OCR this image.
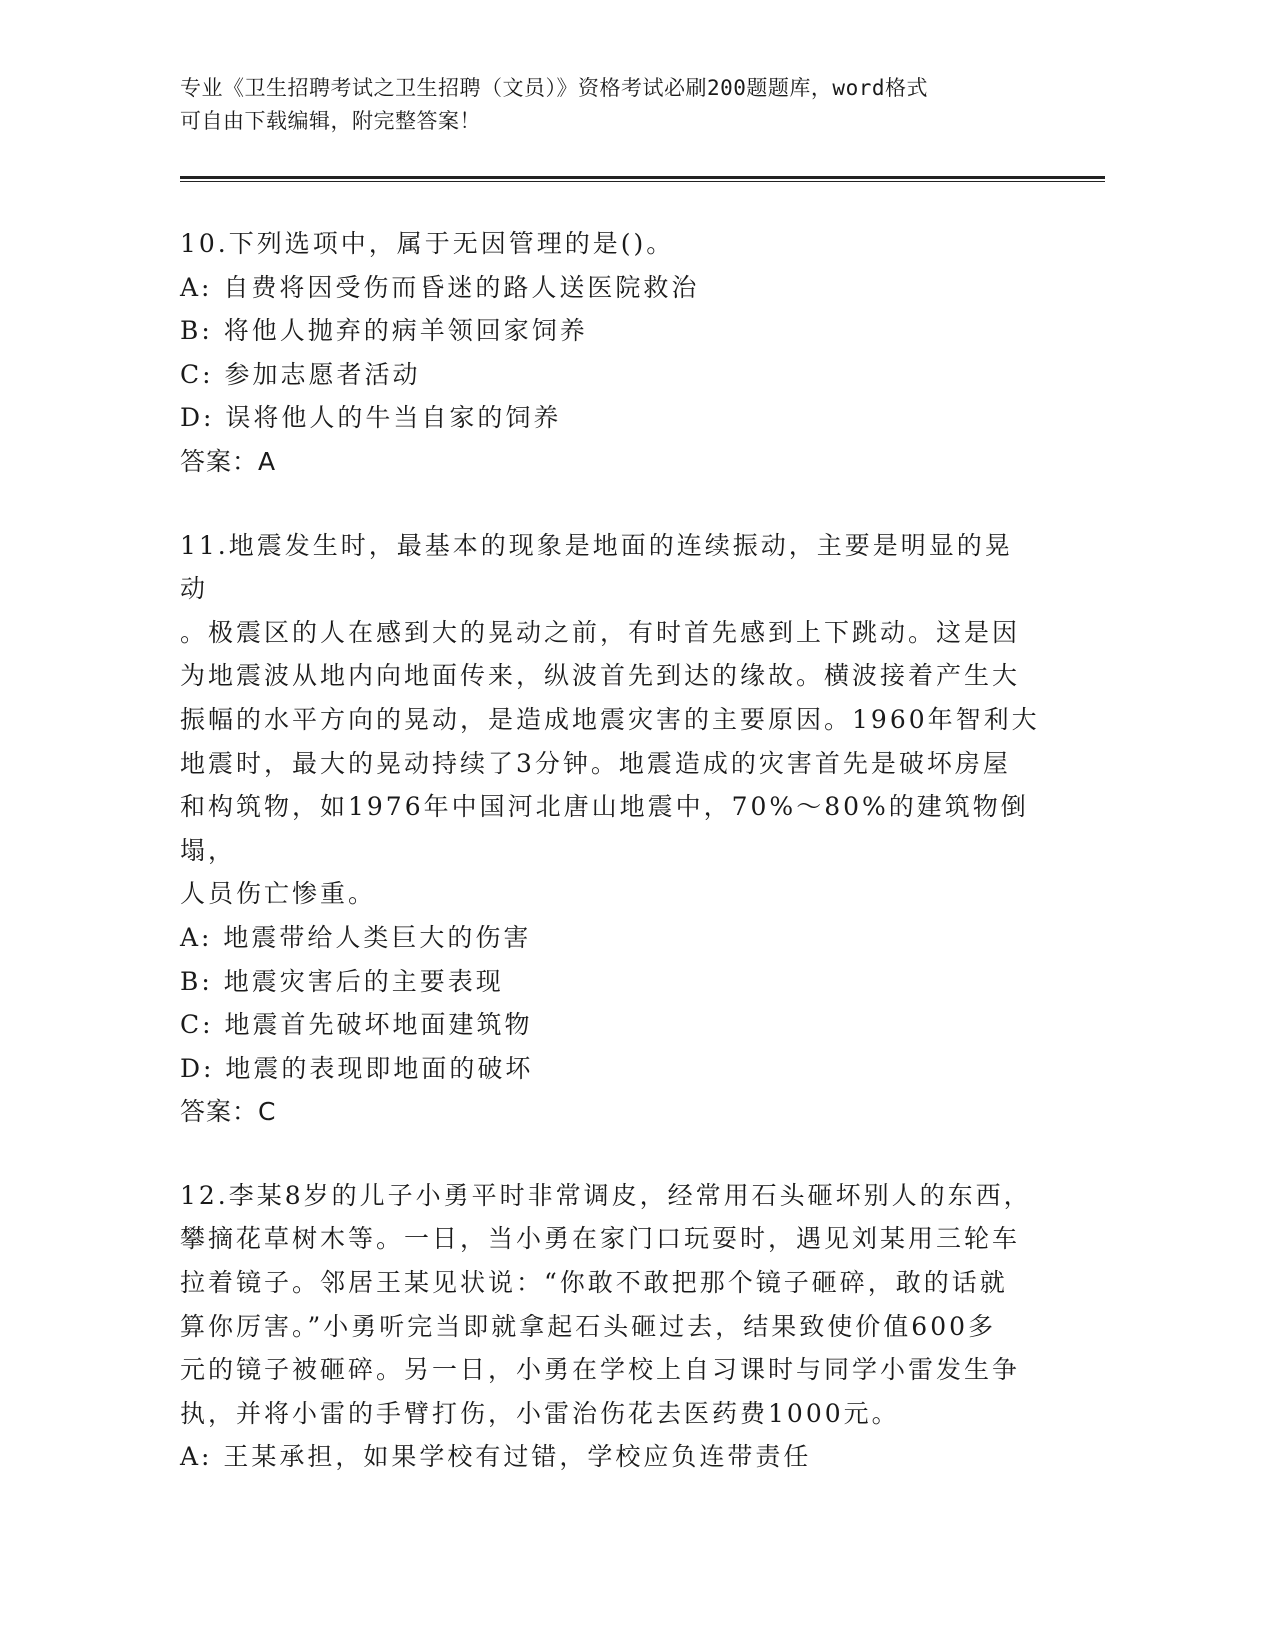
专业《卫生招聘考试之卫生招聘（文员）》资格考试必刷200题题库，word格式
可自由下载编辑，附完整答案！
10.下列选项中，属于无因管理的是()。
A: 自费将因受伤而昏迷的路人送医院救治
B: 将他人抛弃的病羊领回家饲养
C: 参加志愿者活动
D: 误将他人的牛当自家的饲养
答案：A
11.地震发生时，最基本的现象是地面的连续振动，主要是明显的晃动
。极震区的人在感到大的晃动之前，有时首先感到上下跳动。这是因
为地震波从地内向地面传来，纵波首先到达的缘故。横波接着产生大
振幅的水平方向的晃动，是造成地震灾害的主要原因。1960年智利大
地震时，最大的晃动持续了3分钟。地震造成的灾害首先是破坏房屋
和构筑物，如1976年中国河北唐山地震中，70%～80%的建筑物倒塌，
人员伤亡惨重。
A: 地震带给人类巨大的伤害
B: 地震灾害后的主要表现
C: 地震首先破坏地面建筑物
D: 地震的表现即地面的破坏
答案：C
12.李某8岁的儿子小勇平时非常调皮，经常用石头砸坏别人的东西，
攀摘花草树木等。一日，当小勇在家门口玩耍时，遇见刘某用三轮车
拉着镜子。邻居王某见状说：“你敢不敢把那个镜子砸碎，敢的话就
算你厉害。”小勇听完当即就拿起石头砸过去，结果致使价值600多
元的镜子被砸碎。另一日，小勇在学校上自习课时与同学小雷发生争
执，并将小雷的手臂打伤，小雷治伤花去医药费1000元。
A: 王某承担，如果学校有过错，学校应负连带责任
